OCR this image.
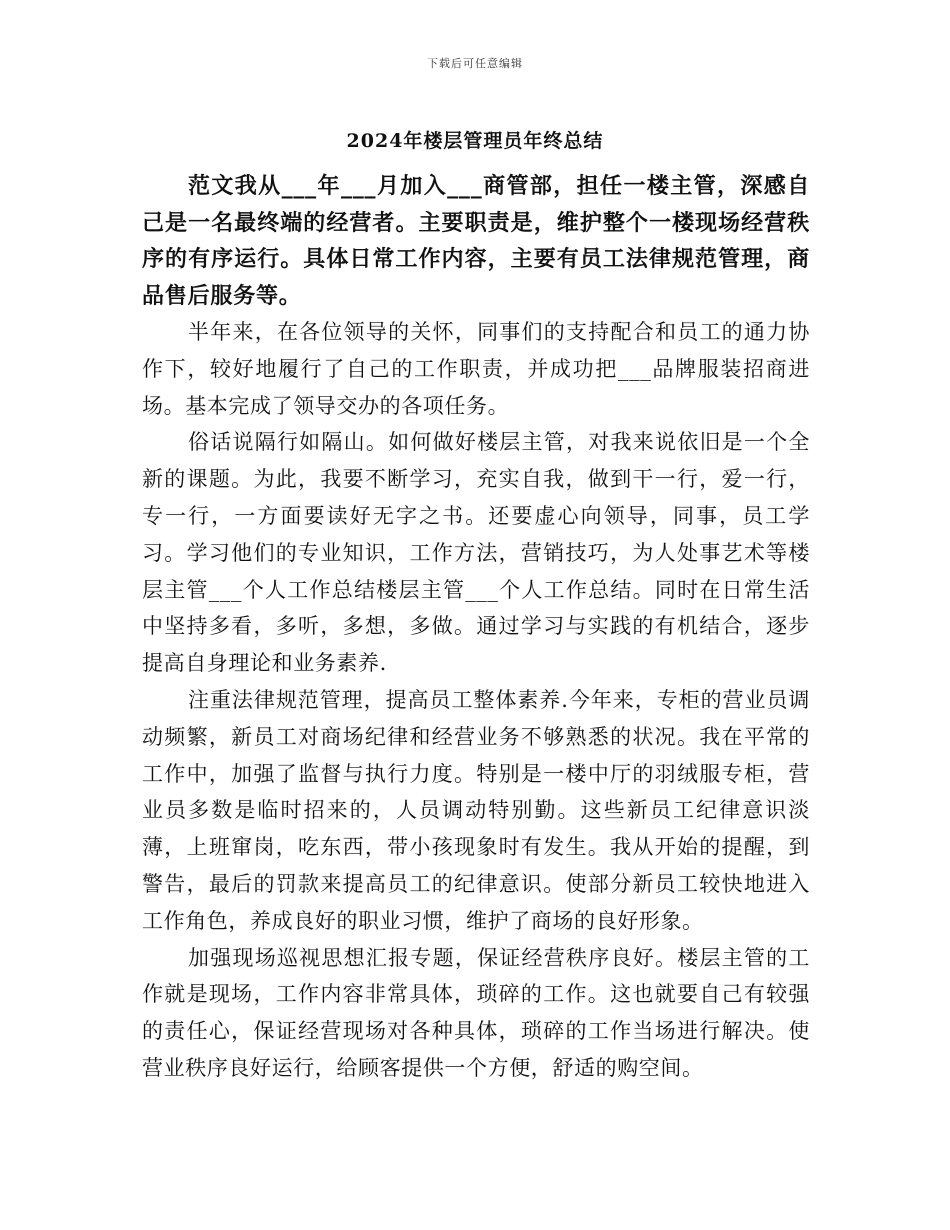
下载后可任意编辑
2024年楼层管理员年终总结

范文我从___年___月加入___商管部，担任一楼主管，深感自己是一名最终端的经营者。主要职责是，维护整个一楼现场经营秩序的有序运行。具体日常工作内容，主要有员工法律规范管理，商品售后服务等。

半年来，在各位领导的关怀，同事们的支持配合和员工的通力协作下，较好地履行了自己的工作职责，并成功把___品牌服装招商进场。基本完成了领导交办的各项任务。

俗话说隔行如隔山。如何做好楼层主管，对我来说依旧是一个全新的课题。为此，我要不断学习，充实自我，做到干一行，爱一行，专一行，一方面要读好无字之书。还要虚心向领导，同事，员工学习。学习他们的专业知识，工作方法，营销技巧，为人处事艺术等楼层主管___个人工作总结楼层主管___个人工作总结。同时在日常生活中坚持多看，多听，多想，多做。通过学习与实践的有机结合，逐步提高自身理论和业务素养.

注重法律规范管理，提高员工整体素养.今年来，专柜的营业员调动频繁，新员工对商场纪律和经营业务不够熟悉的状况。我在平常的工作中，加强了监督与执行力度。特别是一楼中厅的羽绒服专柜，营业员多数是临时招来的，人员调动特别勤。这些新员工纪律意识淡薄，上班窜岗，吃东西，带小孩现象时有发生。我从开始的提醒，到警告，最后的罚款来提高员工的纪律意识。使部分新员工较快地进入工作角色，养成良好的职业习惯，维护了商场的良好形象。

加强现场巡视思想汇报专题，保证经营秩序良好。楼层主管的工作就是现场，工作内容非常具体，琐碎的工作。这也就要自己有较强的责任心，保证经营现场对各种具体，琐碎的工作当场进行解决。使营业秩序良好运行，给顾客提供一个方便，舒适的购空间。
